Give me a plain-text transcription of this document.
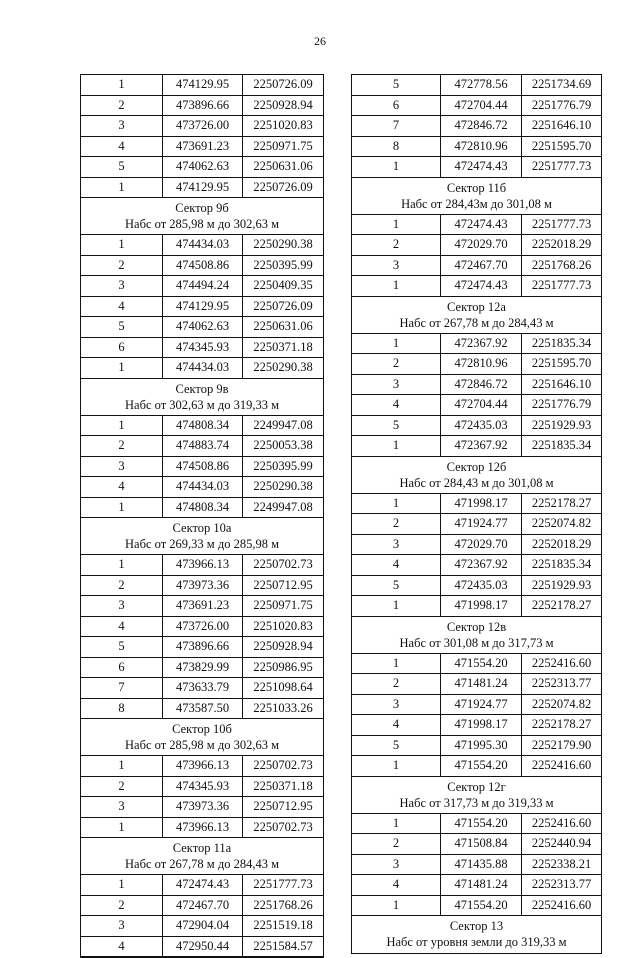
26
1	474129.95	2250726.09
2	473896.66	2250928.94
3	473726.00	2251020.83
4	473691.23	2250971.75
5	474062.63	2250631.06
1	474129.95	2250726.09
Сектор 9б
Набс от 285,98 м до 302,63 м
1	474434.03	2250290.38
2	474508.86	2250395.99
3	474494.24	2250409.35
4	474129.95	2250726.09
5	474062.63	2250631.06
6	474345.93	2250371.18
1	474434.03	2250290.38
Сектор 9в
Набс от 302,63 м до 319,33 м
1	474808.34	2249947.08
2	474883.74	2250053.38
3	474508.86	2250395.99
4	474434.03	2250290.38
1	474808.34	2249947.08
Сектор 10а
Набс от 269,33 м до 285,98 м
1	473966.13	2250702.73
2	473973.36	2250712.95
3	473691.23	2250971.75
4	473726.00	2251020.83
5	473896.66	2250928.94
6	473829.99	2250986.95
7	473633.79	2251098.64
8	473587.50	2251033.26
Сектор 10б
Набс от 285,98 м до 302,63 м
1	473966.13	2250702.73
2	474345.93	2250371.18
3	473973.36	2250712.95
1	473966.13	2250702.73
Сектор 11а
Набс от 267,78 м до 284,43 м
1	472474.43	2251777.73
2	472467.70	2251768.26
3	472904.04	2251519.18
4	472950.44	2251584.57
5	472778.56	2251734.69
6	472704.44	2251776.79
7	472846.72	2251646.10
8	472810.96	2251595.70
1	472474.43	2251777.73
Сектор 11б
Набс от 284,43м до 301,08 м
1	472474.43	2251777.73
2	472029.70	2252018.29
3	472467.70	2251768.26
1	472474.43	2251777.73
Сектор 12а
Набс от 267,78 м до 284,43 м
1	472367.92	2251835.34
2	472810.96	2251595.70
3	472846.72	2251646.10
4	472704.44	2251776.79
5	472435.03	2251929.93
1	472367.92	2251835.34
Сектор 12б
Набс от 284,43 м до 301,08 м
1	471998.17	2252178.27
2	471924.77	2252074.82
3	472029.70	2252018.29
4	472367.92	2251835.34
5	472435.03	2251929.93
1	471998.17	2252178.27
Сектор 12в
Набс от 301,08 м до 317,73 м
1	471554.20	2252416.60
2	471481.24	2252313.77
3	471924.77	2252074.82
4	471998.17	2252178.27
5	471995.30	2252179.90
1	471554.20	2252416.60
Сектор 12г
Набс от 317,73 м до 319,33 м
1	471554.20	2252416.60
2	471508.84	2252440.94
3	471435.88	2252338.21
4	471481.24	2252313.77
1	471554.20	2252416.60
Сектор 13
Набс от уровня земли до 319,33 м
